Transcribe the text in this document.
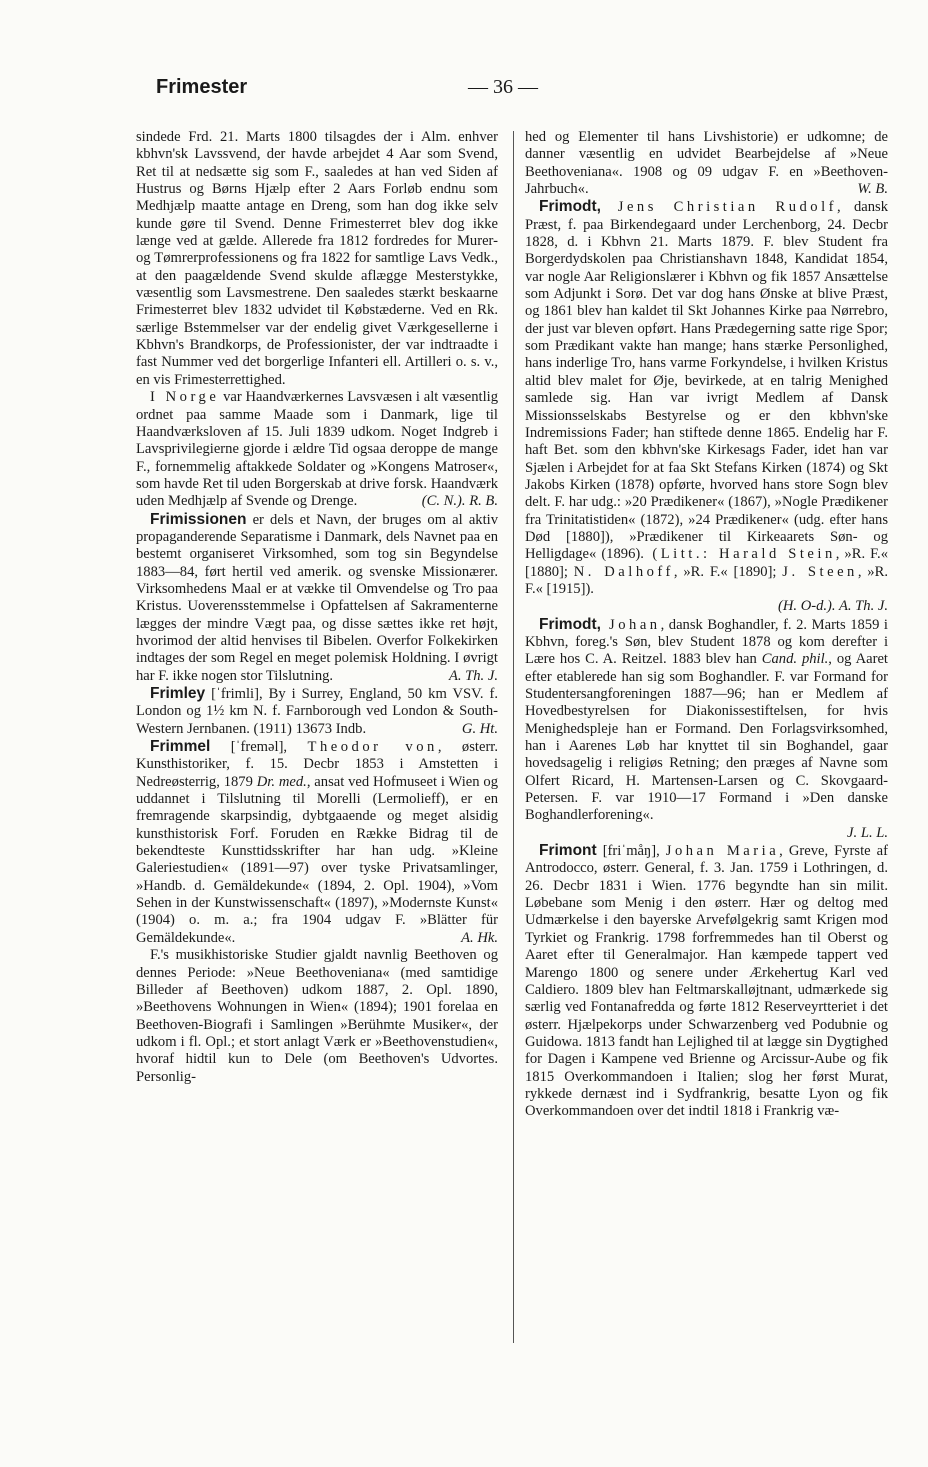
Frimester	— 36 —

sindede Frd. 21. Marts 1800 tilsagdes der i Alm. enhver kbhvn'sk Lavssvend, der havde arbejdet 4 Aar som Svend, Ret til at nedsætte sig som F., saaledes at han ved Siden af Hustrus og Børns Hjælp efter 2 Aars Forløb endnu som Medhjælp maatte antage en Dreng, som han dog ikke selv kunde gøre til Svend. Denne Frimesterret blev dog ikke længe ved at gælde. Allerede fra 1812 fordredes for Murer- og Tømrerprofessionens og fra 1822 for samtlige Lavs Vedk., at den paagældende Svend skulde aflægge Mesterstykke, væsentlig som Lavsmestrene. Den saaledes stærkt beskaarne Frimesterret blev 1832 udvidet til Købstæderne. Ved en Rk. særlige Bstemmelser var der endelig givet Værkgesellerne i Kbhvn's Brandkorps, de Professionister, der var indtraadte i fast Nummer ved det borgerlige Infanteri ell. Artilleri o. s. v., en vis Frimesterrettighed.

I Norge var Haandværkernes Lavsvæsen i alt væsentlig ordnet paa samme Maade som i Danmark, lige til Haandværksloven af 15. Juli 1839 udkom. Noget Indgreb i Lavsprivilegierne gjorde i ældre Tid ogsaa deroppe de mange F., fornemmelig aftakkede Soldater og »Kongens Matroser«, som havde Ret til uden Borgerskab at drive forsk. Haandværk uden Medhjælp af Svende og Drenge.	(C. N.). R. B.

Frimissionen er dels et Navn, der bruges om al aktiv propaganderende Separatisme i Danmark, dels Navnet paa en bestemt organiseret Virksomhed, som tog sin Begyndelse 1883—84, ført hertil ved amerik. og svenske Missionærer. Virksomhedens Maal er at vække til Omvendelse og Tro paa Kristus. Uoverensstemmelse i Opfattelsen af Sakramenterne lægges der mindre Vægt paa, og disse sættes ikke ret højt, hvorimod der altid henvises til Bibelen. Overfor Folkekirken indtages der som Regel en meget polemisk Holdning. I øvrigt har F. ikke nogen stor Tilslutning.	A. Th. J.

Frimley [ˈfrimli], By i Surrey, England, 50 km VSV. f. London og 1½ km N. f. Farnborough ved London & South-Western Jernbanen. (1911) 13673 Indb.	G. Ht.

Frimmel [ˈfreməl], Theodor von, østerr. Kunsthistoriker, f. 15. Decbr 1853 i Amstetten i Nedreøsterrig, 1879 Dr. med., ansat ved Hofmuseet i Wien og uddannet i Tilslutning til Morelli (Lermolieff), er en fremragende skarpsindig, dybtgaaende og meget alsidig kunsthistorisk Forf. Foruden en Række Bidrag til de bekendteste Kunsttidsskrifter har han udg. »Kleine Galeriestudien« (1891—97) over tyske Privatsamlinger, »Handb. d. Gemäldekunde« (1894, 2. Opl. 1904), »Vom Sehen in der Kunstwissenschaft« (1897), »Modernste Kunst« (1904) o. m. a.; fra 1904 udgav F. »Blätter für Gemäldekunde«.	A. Hk.

F.'s musikhistoriske Studier gjaldt navnlig Beethoven og dennes Periode: »Neue Beethoveniana« (med samtidige Billeder af Beethoven) udkom 1887, 2. Opl. 1890, »Beethovens Wohnungen in Wien« (1894); 1901 forelaa en Beethoven-Biografi i Samlingen »Berühmte Musiker«, der udkom i fl. Opl.; et stort anlagt Værk er »Beethovenstudien«, hvoraf hidtil kun to Dele (om Beethoven's Udvortes. Personlig-

hed og Elementer til hans Livshistorie) er udkomne; de danner væsentlig en udvidet Bearbejdelse af »Neue Beethoveniana«. 1908 og 09 udgav F. en »Beethoven-Jahrbuch«.	W. B.

Frimodt, Jens Christian Rudolf, dansk Præst, f. paa Birkendegaard under Lerchenborg, 24. Decbr 1828, d. i Kbhvn 21. Marts 1879. F. blev Student fra Borgerdydskolen paa Christianshavn 1848, Kandidat 1854, var nogle Aar Religionslærer i Kbhvn og fik 1857 Ansættelse som Adjunkt i Sorø. Det var dog hans Ønske at blive Præst, og 1861 blev han kaldet til Skt Johannes Kirke paa Nørrebro, der just var bleven opført. Hans Prædegerning satte rige Spor; som Prædikant vakte han mange; hans stærke Personlighed, hans inderlige Tro, hans varme Forkyndelse, i hvilken Kristus altid blev malet for Øje, bevirkede, at en talrig Menighed samlede sig. Han var ivrigt Medlem af Dansk Missionsselskabs Bestyrelse og er den kbhvn'ske Indremissions Fader; han stiftede denne 1865. Endelig har F. haft Bet. som den kbhvn'ske Kirkesags Fader, idet han var Sjælen i Arbejdet for at faa Skt Stefans Kirken (1874) og Skt Jakobs Kirken (1878) opførte, hvorved hans store Sogn blev delt. F. har udg.: »20 Prædikener« (1867), »Nogle Prædikener fra Trinitatistiden« (1872), »24 Prædikener« (udg. efter hans Død [1880]), »Prædikener til Kirkeaarets Søn- og Helligdage« (1896). (Litt.: Harald Stein, »R. F.« [1880]; N. Dalhoff, »R. F.« [1890]; J. Steen, »R. F.« [1915]).
(H. O-d.). A. Th. J.

Frimodt, Johan, dansk Boghandler, f. 2. Marts 1859 i Kbhvn, foreg.'s Søn, blev Student 1878 og kom derefter i Lære hos C. A. Reitzel. 1883 blev han Cand. phil., og Aaret efter etablerede han sig som Boghandler. F. var Formand for Studentersangforeningen 1887—96; han er Medlem af Hovedbestyrelsen for Diakonissestiftelsen, for hvis Menighedspleje han er Formand. Den Forlagsvirksomhed, han i Aarenes Løb har knyttet til sin Boghandel, gaar hovedsagelig i religiøs Retning; den præges af Navne som Olfert Ricard, H. Martensen-Larsen og C. Skovgaard-Petersen. F. var 1910—17 Formand i »Den danske Boghandlerforening«.
J. L. L.

Frimont [friˈmåŋ], Johan Maria, Greve, Fyrste af Antrodocco, østerr. General, f. 3. Jan. 1759 i Lothringen, d. 26. Decbr 1831 i Wien. 1776 begyndte han sin milit. Løbebane som Menig i den østerr. Hær og deltog med Udmærkelse i den bayerske Arvefølgekrig samt Krigen mod Tyrkiet og Frankrig. 1798 forfremmedes han til Oberst og Aaret efter til Generalmajor. Han kæmpede tappert ved Marengo 1800 og senere under Ærkehertug Karl ved Caldiero. 1809 blev han Feltmarskalløjtnant, udmærkede sig særlig ved Fontanafredda og førte 1812 Reserveyrtteriet i det østerr. Hjælpekorps under Schwarzenberg ved Podubnie og Guidowa. 1813 fandt han Lejlighed til at lægge sin Dygtighed for Dagen i Kampene ved Brienne og Arcissur-Aube og fik 1815 Overkommandoen i Italien; slog her først Murat, rykkede dernæst ind i Sydfrankrig, besatte Lyon og fik Overkommandoen over det indtil 1818 i Frankrig væ-
